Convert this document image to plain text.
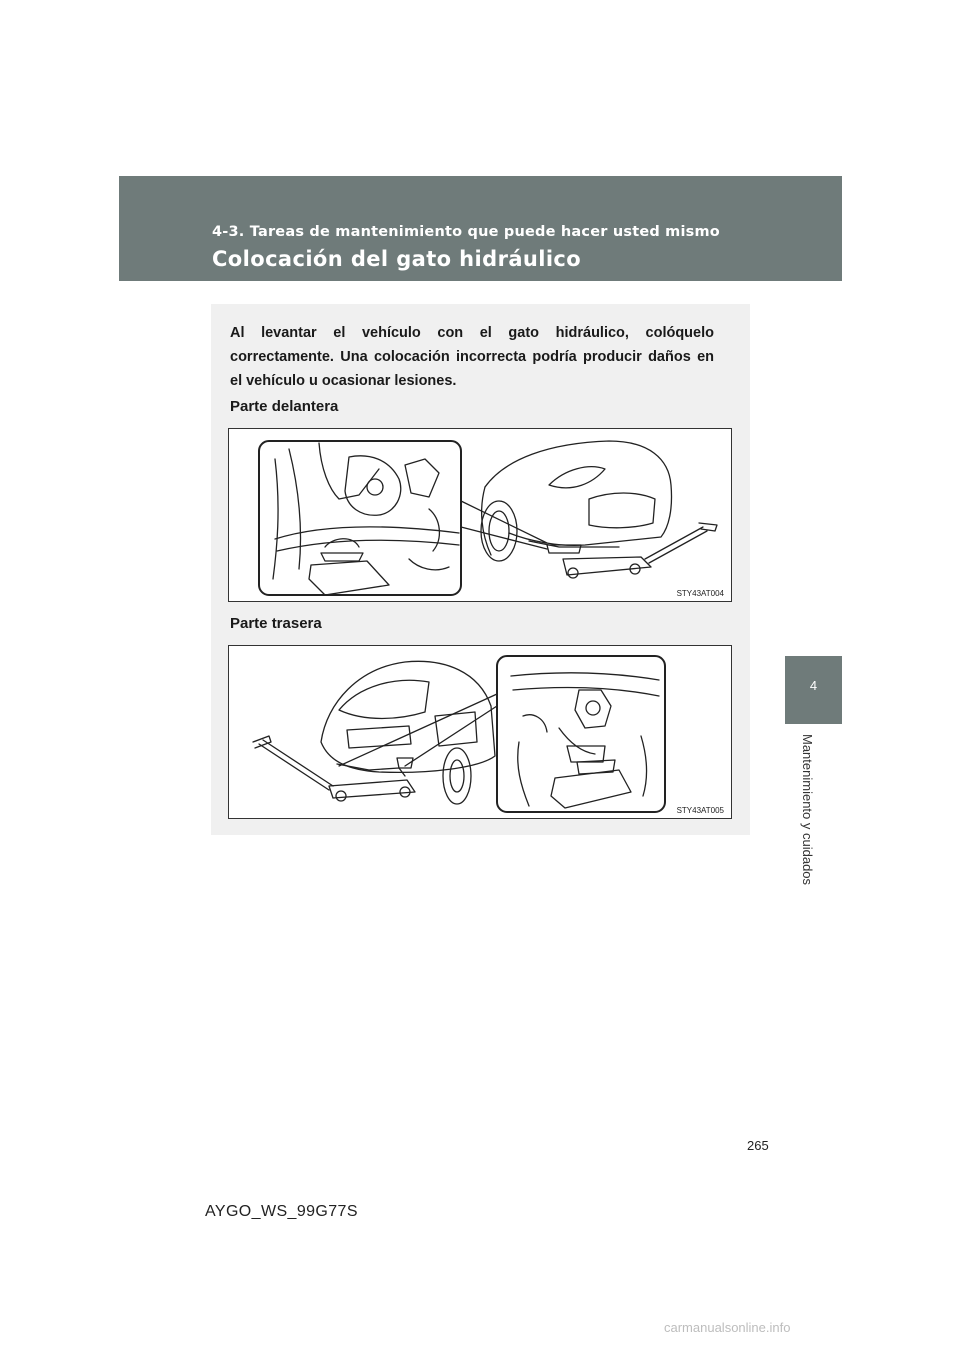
4-3. Tareas de mantenimiento que puede hacer usted mismo
Colocación del gato hidráulico
4
Mantenimiento y cuidados
Al levantar el vehículo con el gato hidráulico, colóquelo correctamente. Una colocación incorrecta podría producir daños en el vehículo u ocasionar lesiones.
Parte delantera
STY43AT004
Parte trasera
STY43AT005
265
AYGO_WS_99G77S
carmanualsonline.info
